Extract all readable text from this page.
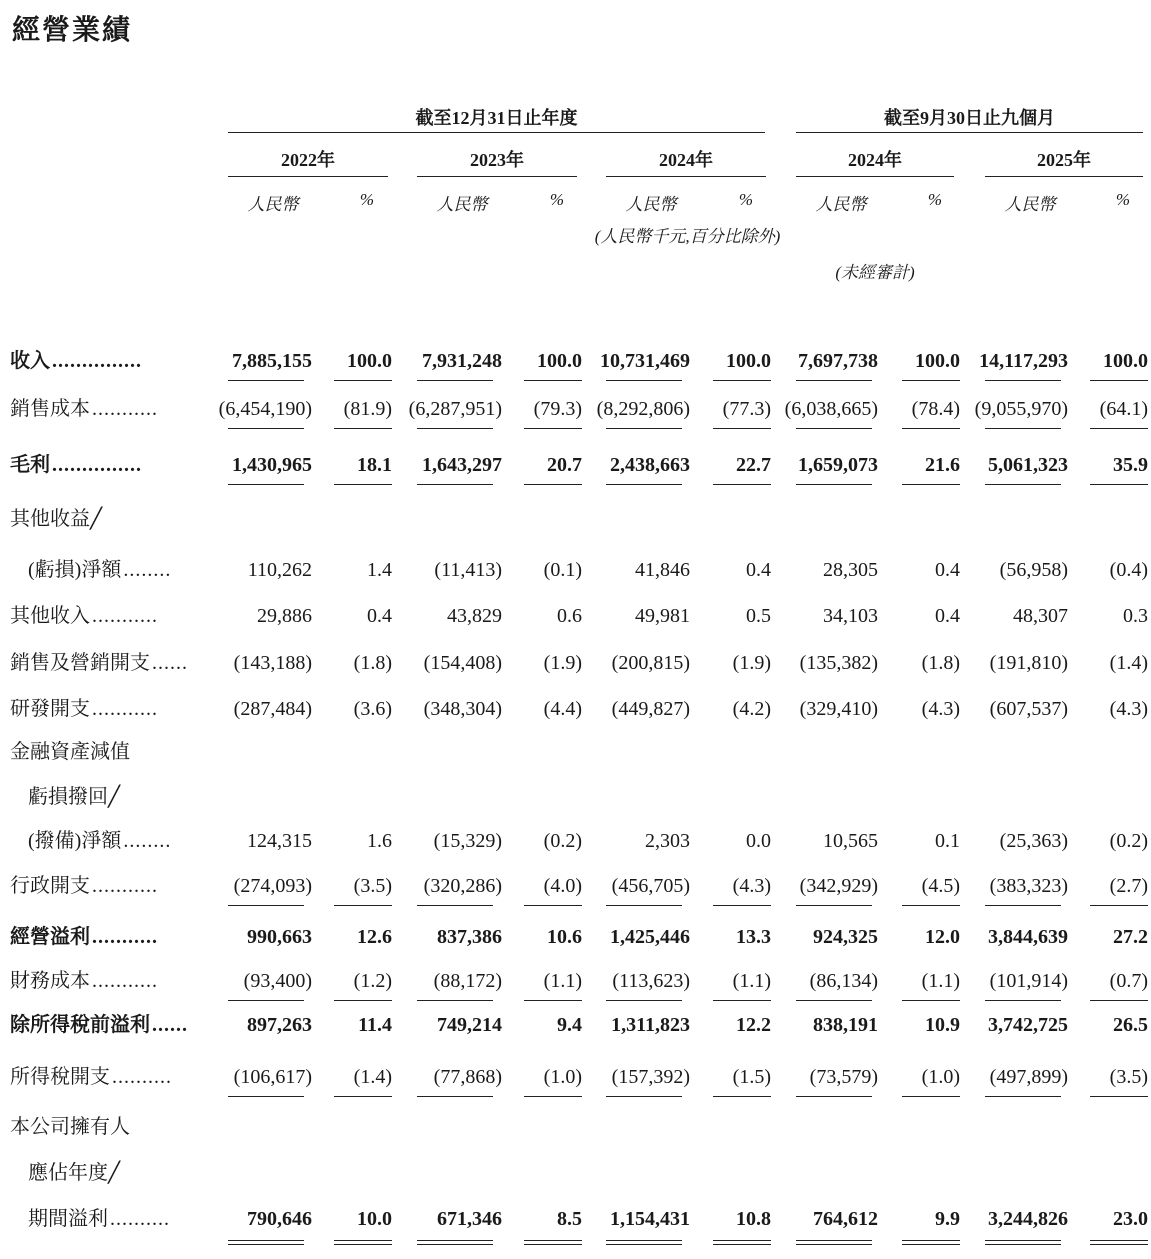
經營業績
截至12月31日止年度	截至9月30日止九個月
2022年
人民幣	%
2023年
人民幣	%
2024年
人民幣	%
2024年
人民幣	%
2025年
人民幣	%
收入 ...............	7,885,155	100.0	7,931,248	100.0 10,731,469	100.0	7,697,738	100.0 14,117,293	100.0
銷售成本 ...........	(6,454,190)	(81.9) (6,287,951)	(79.3) (8,292,806)	(77.3) (6,038,665)	(78.4) (9,055,970)	(64.1)
毛利 ...............	1,430,965	18.1	1,643,297	20.7	2,438,663	22.7	1,659,073	21.6	5,061,323	35.9
其他收益╱
(虧損)淨額 ........	110,262	1.4	(11,413)	(0.1)	41,846	0.4	28,305	0.4	(56,958)	(0.4)
其他收入 ...........	29,886	0.4	43,829	0.6	49,981	0.5	34,103	0.4	48,307	0.3
銷售及營銷開支 ......	(143,188)	(1.8)	(154,408)	(1.9)	(200,815)	(1.9)	(135,382)	(1.8)	(191,810)	(1.4)
研發開支 ...........	(287,484)	(3.6)	(348,304)	(4.4)	(449,827)	(4.2)	(329,410)	(4.3)	(607,537)	(4.3)
金融資產減值
虧損撥回╱
(撥備)淨額 ........	124,315	1.6	(15,329)	(0.2)	2,303	0.0	10,565	0.1	(25,363)	(0.2)
行政開支 ...........	(274,093)	(3.5)	(320,286)	(4.0)	(456,705)	(4.3)	(342,929)	(4.5)	(383,323)	(2.7)
經營溢利 ...........	990,663	12.6	837,386	10.6	1,425,446	13.3	924,325	12.0	3,844,639	27.2
財務成本 ...........	(93,400)	(1.2)	(88,172)	(1.1)	(113,623)	(1.1)	(86,134)	(1.1)	(101,914)	(0.7)
除所得稅前溢利 ......	897,263	11.4	749,214	9.4	1,311,823	12.2	838,191	10.9	3,742,725	26.5
所得稅開支 ..........	(106,617)	(1.4)	(77,868)	(1.0)	(157,392)	(1.5)	(73,579)	(1.0)	(497,899)	(3.5)
本公司擁有人
應佔年度╱
期間溢利 ..........	790,646	10.0	671,346	8.5	1,154,431	10.8	764,612	9.9	3,244,826	23.0
(人民幣千元,百分比除外)
(未經審計)
